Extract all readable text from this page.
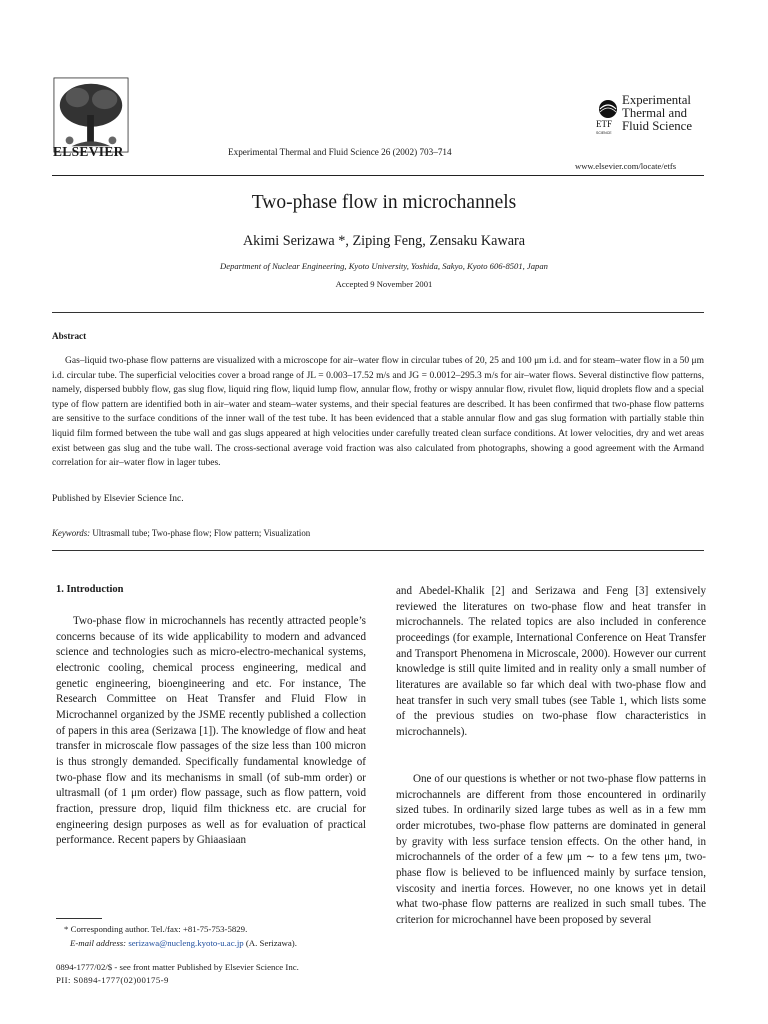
ELSEVIER	Experimental Thermal and Fluid Science 26 (2002) 703–714
ETF
SCIENCE
Experimental
Thermal and
Fluid Science
www.elsevier.com/locate/etfs
Two-phase flow in microchannels
Akimi Serizawa *, Ziping Feng, Zensaku Kawara
Department of Nuclear Engineering, Kyoto University, Yoshida, Sakyo, Kyoto 606-8501, Japan
Accepted 9 November 2001
Abstract

Gas–liquid two-phase flow patterns are visualized with a microscope for air–water flow in circular tubes of 20, 25 and 100 μm i.d. and for steam–water flow in a 50 μm i.d. circular tube. The superficial velocities cover a broad range of JL = 0.003–17.52 m/s and JG = 0.0012–295.3 m/s for air–water flows. Several distinctive flow patterns, namely, dispersed bubbly flow, gas slug flow, liquid ring flow, liquid lump flow, annular flow, frothy or wispy annular flow, rivulet flow, liquid droplets flow and a special type of flow pattern are identified both in air–water and steam–water systems, and their special features are described. It has been confirmed that two-phase flow patterns are sensitive to the surface conditions of the inner wall of the test tube. It has been evidenced that a stable annular flow and gas slug formation with partially stable thin liquid film formed between the tube wall and gas slugs appeared at high velocities under carefully treated clean surface conditions. At lower velocities, dry and wet areas exist between gas slug and the tube wall. The cross-sectional average void fraction was also calculated from photographs, showing a good agreement with the Armand correlation for air–water flow in lager tubes.

Published by Elsevier Science Inc.
Keywords: Ultrasmall tube; Two-phase flow; Flow pattern; Visualization
1. Introduction

Two-phase flow in microchannels has recently attracted people’s concerns because of its wide applicability to modern and advanced science and technologies such as micro-electro-mechanical systems, electronic cooling, chemical process engineering, medical and genetic engineering, bioengineering and etc. For instance, The Research Committee on Heat Transfer and Fluid Flow in Microchannel organized by the JSME recently published a collection of papers in this area (Serizawa [1]). The knowledge of flow and heat transfer in microscale flow passages of the size less than 100 micron is thus strongly demanded. Specifically fundamental knowledge of two-phase flow and its mechanisms in small (of sub-mm order) or ultrasmall (of 1 μm order) flow passage, such as flow pattern, void fraction, pressure drop, liquid film thickness etc. are crucial for engineering design purposes as well as for evaluation of practical performance. Recent papers by Ghiaasiaan

and Abedel-Khalik [2] and Serizawa and Feng [3] extensively reviewed the literatures on two-phase flow and heat transfer in microchannels. The related topics are also included in conference proceedings (for example, International Conference on Heat Transfer and Transport Phenomena in Microscale, 2000). However our current knowledge is still quite limited and in reality only a small number of literatures are available so far which deal with two-phase flow and heat transfer in such very small tubes (see Table 1, which lists some of the previous studies on two-phase flow characteristics in microchannels).

One of our questions is whether or not two-phase flow patterns in microchannels are different from those encountered in ordinarily sized tubes. In ordinarily sized large tubes as well as in a few mm order microtubes, two-phase flow patterns are dominated in general by gravity with less surface tension effects. On the other hand, in microchannels of the order of a few μm ∼ to a few tens μm, two-phase flow is believed to be influenced mainly by surface tension, viscosity and inertia forces. However, no one knows yet in detail what two-phase flow patterns are realized in such small tubes. The criterion for microchannel have been proposed by several

* Corresponding author. Tel./fax: +81-75-753-5829.
E-mail address: serizawa@nucleng.kyoto-u.ac.jp (A. Serizawa).
0894-1777/02/$ - see front matter Published by Elsevier Science Inc.
PII: S0894-1777(02)00175-9
